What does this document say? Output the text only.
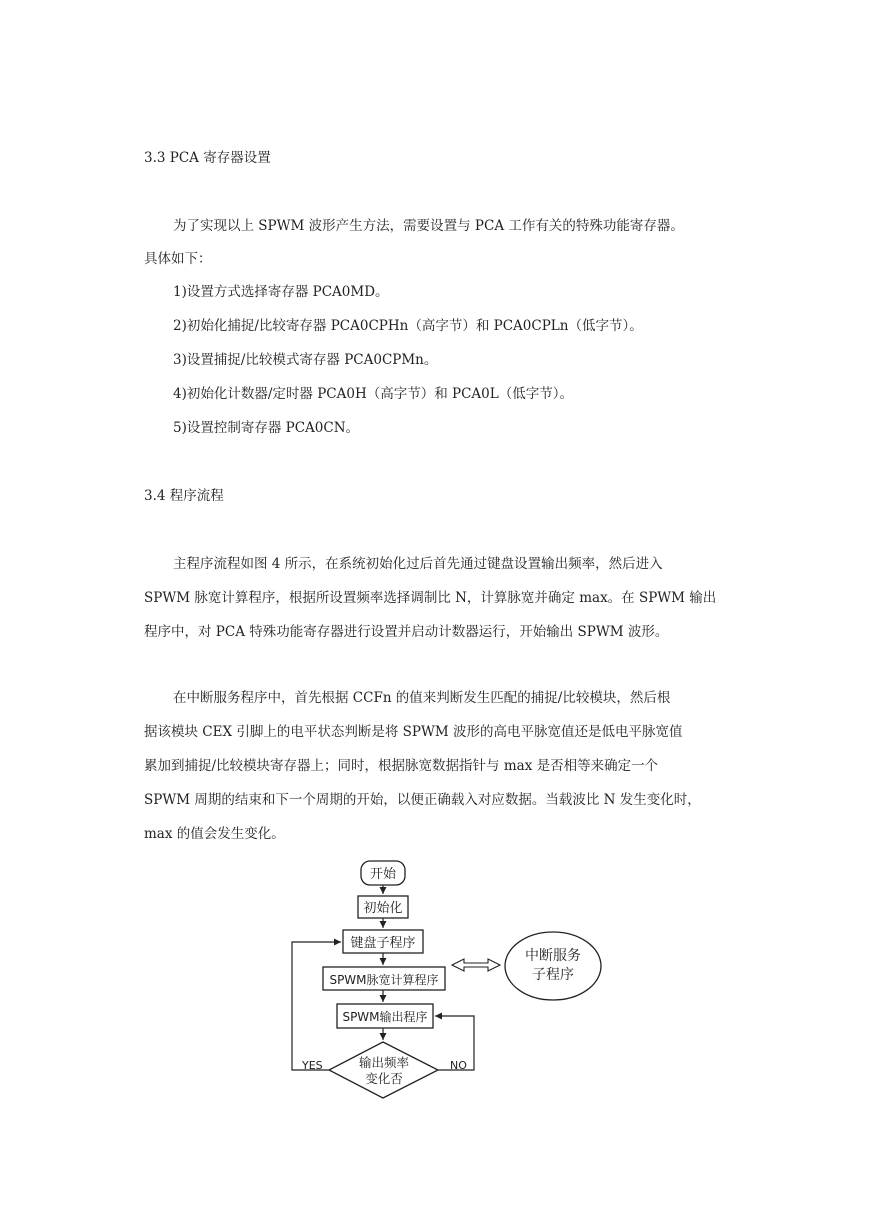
3.3 PCA 寄存器设置
为了实现以上 SPWM 波形产生方法，需要设置与 PCA 工作有关的特殊功能寄存器。
具体如下：
1)设置方式选择寄存器 PCA0MD。
2)初始化捕捉/比较寄存器 PCA0CPHn（高字节）和 PCA0CPLn（低字节）。
3)设置捕捉/比较模式寄存器 PCA0CPMn。
4)初始化计数器/定时器 PCA0H（高字节）和 PCA0L（低字节）。
5)设置控制寄存器 PCA0CN。
3.4 程序流程
主程序流程如图 4 所示，在系统初始化过后首先通过键盘设置输出频率，然后进入
SPWM 脉宽计算程序，根据所设置频率选择调制比 N，计算脉宽并确定 max。在 SPWM 输出
程序中，对 PCA 特殊功能寄存器进行设置并启动计数器运行，开始输出 SPWM 波形。
在中断服务程序中，首先根据 CCFn 的值来判断发生匹配的捕捉/比较模块，然后根
据该模块 CEX 引脚上的电平状态判断是将 SPWM 波形的高电平脉宽值还是低电平脉宽值
累加到捕捉/比较模块寄存器上；同时，根据脉宽数据指针与 max 是否相等来确定一个
SPWM 周期的结束和下一个周期的开始，以便正确载入对应数据。当载波比 N 发生变化时，
max 的值会发生变化。
开始
初始化
键盘子程序
SPWM脉宽计算程序
SPWM输出程序
输出频率
变化否
YES	NO
中断服务
子程序
